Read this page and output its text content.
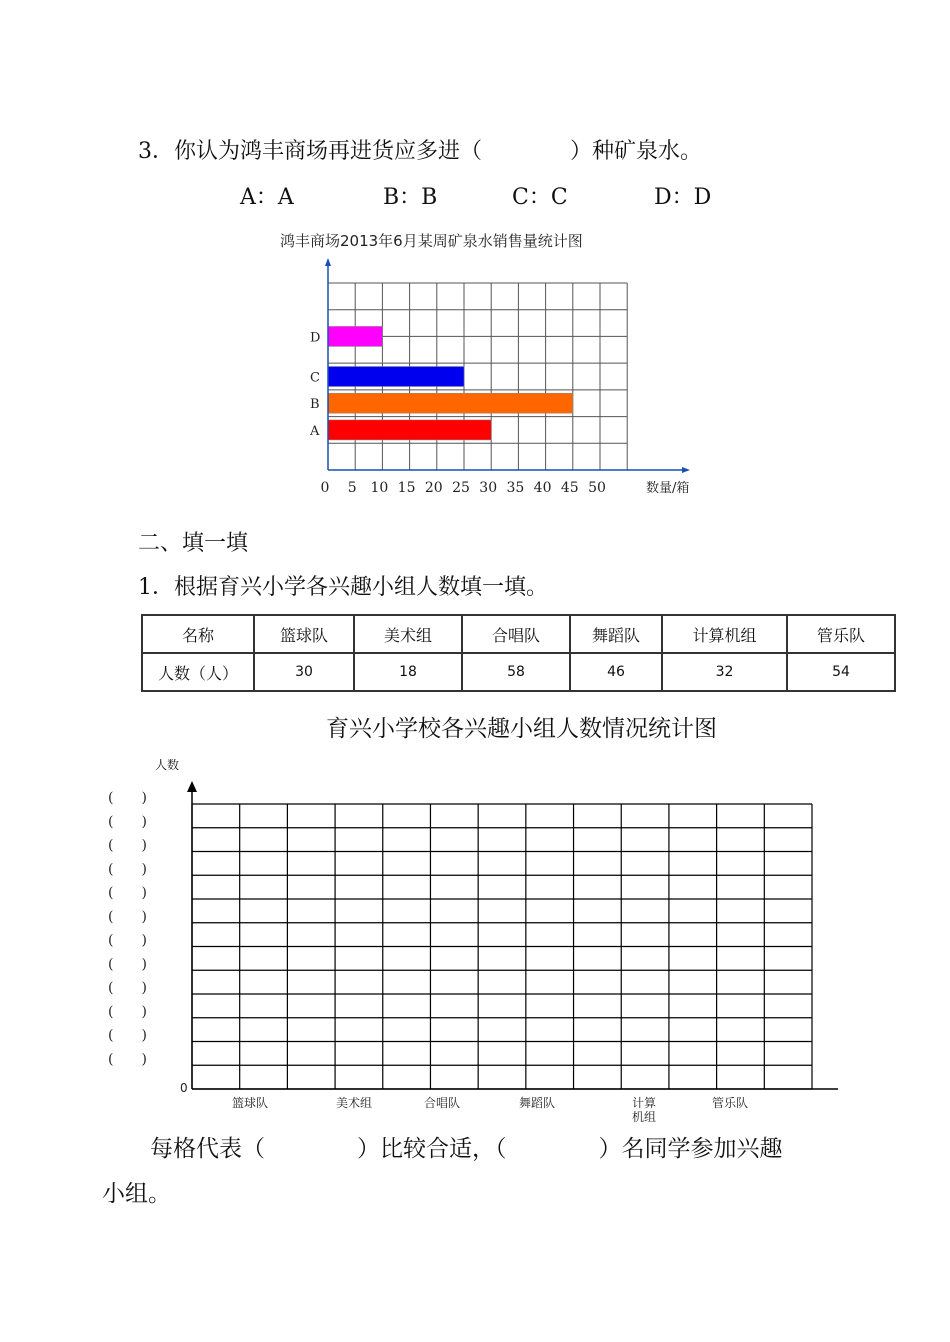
3．你认为鸿丰商场再进货应多进（　　　　）种矿泉水。
A：A	B：B	C：C	D：D
鸿丰商场2013年6月某周矿泉水销售量统计图
A
B
C
D
0 5 10 15 20 25 30 35 40 45 50	数量/箱
二、填一填
1．根据育兴小学各兴趣小组人数填一填。
名称	篮球队	美术组	合唱队	舞蹈队	计算机组	管乐队
人数（人）	30	18	58	46	32	54
育兴小学校各兴趣小组人数情况统计图
人数
(　　)
(　　)
(　　)
(　　)
(　　)
(　　)
(　　)
(　　)
(　　)
(　　)
(　　)
(　　)
篮球队	美术组	合唱队	舞蹈队	计算机组
管乐队
0
每格代表（　　　　）比较合适，（　　　　）名同学参加兴趣
小组。
